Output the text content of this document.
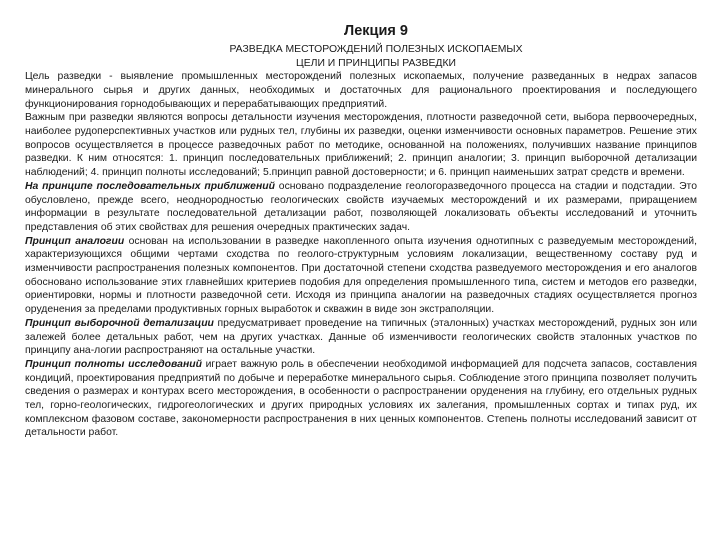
Лекция 9
РАЗВЕДКА МЕСТОРОЖДЕНИЙ ПОЛЕЗНЫХ ИСКОПАЕМЫХ
ЦЕЛИ И ПРИНЦИПЫ РАЗВЕДКИ

Цель разведки - выявление промышленных месторождений полезных ископаемых, получение разведанных в недрах запасов минерального сырья и других данных, необходимых и достаточных для рационального проектирования и последующего функционирования горнодобывающих и перерабатывающих предприятий.

Важным при разведки являются вопросы детальности изучения месторождения, плотности разведочной сети, выбора первоочередных, наиболее рудоперспективных участков или рудных тел, глубины их разведки, оценки изменчивости основных параметров. Решение этих вопросов осуществляется в процессе разведочных работ по методике, основанной на положениях, получивших название принципов разведки. К ним относятся: 1. принцип последовательных приближений; 2. принцип аналогии; 3. принцип выборочной детализации наблюдений; 4. принцип полноты исследований; 5.принцип равной достоверности; и 6. принцип наименьших затрат средств и времени.

На принципе последовательных приближений основано подразделение геологоразведочного процесса на стадии и подстадии. Это обусловлено, прежде всего, неоднородностью геологических свойств изучаемых месторождений и их размерами, приращением информации в результате последовательной детализации работ, позволяющей локализовать объекты исследований и уточнить представления об этих свойствах для решения очередных практических задач.

Принцип аналогии основан на использовании в разведке накопленного опыта изучения однотипных с разведуемым месторождений, характеризующихся общими чертами сходства по геолого-структурным условиям локализации, вещественному составу руд и изменчивости распространения полезных компонентов. При достаточной степени сходства разведуемого месторождения и его аналогов обосновано использование этих главнейших критериев подобия для определения промышленного типа, систем и методов его разведки, ориентировки, нормы и плотности разведочной сети. Исходя из принципа аналогии на разведочных стадиях осуществляется прогноз оруденения за пределами продуктивных горных выработок и скважин в виде зон экстраполяции.

Принцип выборочной детализации предусматривает проведение на типичных (эталонных) участках месторождений, рудных зон или залежей более детальных работ, чем на других участках. Данные об изменчивости геологических свойств эталонных участков по принципу ана-логии распространяют на остальные участки.

Принцип полноты исследований играет важную роль в обеспечении необходимой информацией для подсчета запасов, составления кондиций, проектирования предприятий по добыче и переработке минерального сырья. Соблюдение этого принципа позволяет получить сведения о размерах и контурах всего месторождения, в особенности о распространении оруденения на глубину, его отдельных рудных тел, горно-геологических, гидрогеологических и других природных условиях их залегания, промышленных сортах и типах руд, их комплексном фазовом составе, закономерности распространения в них ценных компонентов. Степень полноты исследований зависит от детальности работ.
